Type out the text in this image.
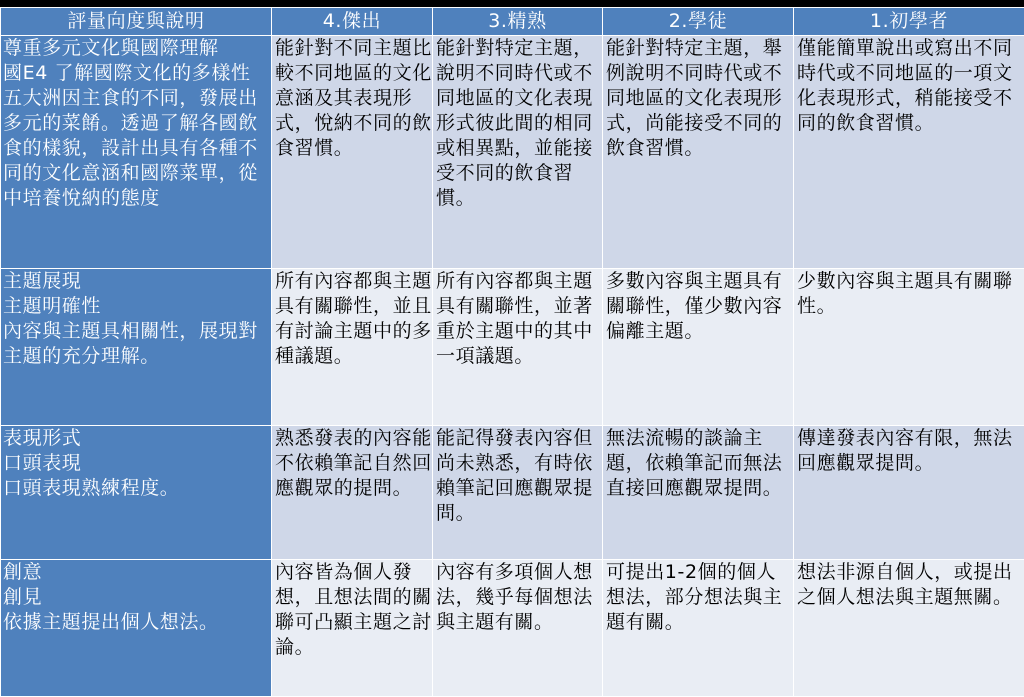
評量向度與說明	4.傑出	3.精熟	2.學徒	1.初學者

尊重多元文化與國際理解
國E4 了解國際文化的多樣性
五大洲因主食的不同，發展出多元的菜餚。透過了解各國飲食的樣貌，設計出具有各種不同的文化意涵和國際菜單，從中培養悅納的態度	能針對不同主題比較不同地區的文化意涵及其表現形式，悅納不同的飲食習慣。	能針對特定主題，說明不同時代或不同地區的文化表現形式彼此間的相同或相異點，並能接受不同的飲食習慣。	能針對特定主題，舉例說明不同時代或不同地區的文化表現形式，尚能接受不同的飲食習慣。	僅能簡單說出或寫出不同時代或不同地區的一項文化表現形式，稍能接受不同的飲食習慣。

主題展現
主題明確性
內容與主題具相關性，展現對主題的充分理解。	所有內容都與主題具有關聯性，並且有討論主題中的多種議題。	所有內容都與主題具有關聯性，並著重於主題中的其中一項議題。	多數內容與主題具有關聯性，僅少數內容偏離主題。	少數內容與主題具有關聯性。

表現形式
口頭表現
口頭表現熟練程度。	熟悉發表的內容能不依賴筆記自然回應觀眾的提問。	能記得發表內容但尚未熟悉，有時依賴筆記回應觀眾提問。	無法流暢的談論主題，依賴筆記而無法直接回應觀眾提問。	傳達發表內容有限，無法回應觀眾提問。

創意
創見
依據主題提出個人想法。	內容皆為個人發想，且想法間的關聯可凸顯主題之討論。	內容有多項個人想法，幾乎每個想法與主題有關。	可提出1-2個的個人想法，部分想法與主題有關。	想法非源自個人，或提出之個人想法與主題無關。
